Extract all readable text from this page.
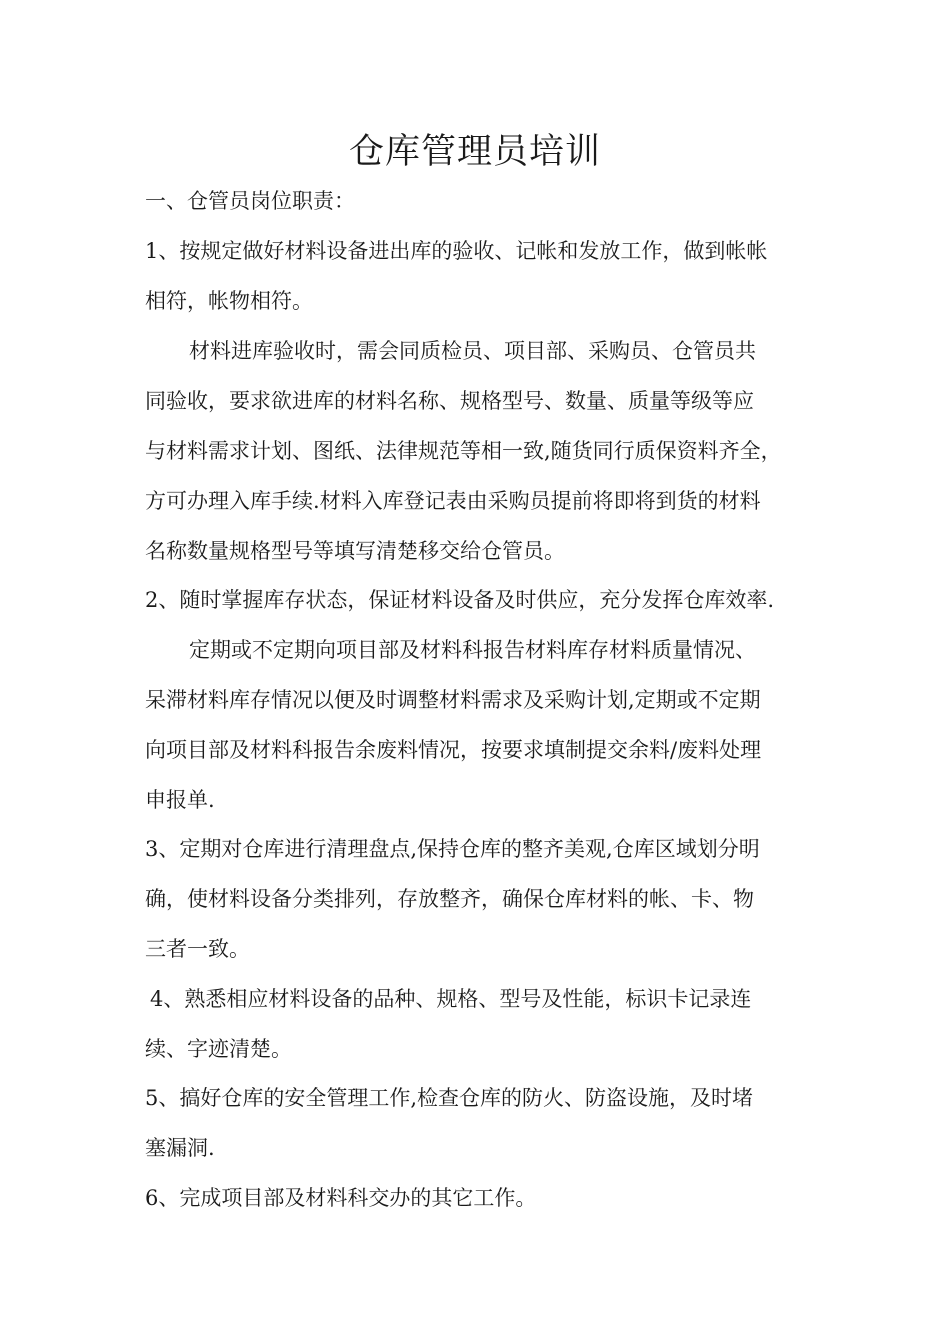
仓库管理员培训
一、仓管员岗位职责：
1、按规定做好材料设备进出库的验收、记帐和发放工作，做到帐帐
相符，帐物相符。
材料进库验收时，需会同质检员、项目部、采购员、仓管员共
同验收，要求欲进库的材料名称、规格型号、数量、质量等级等应
与材料需求计划、图纸、法律规范等相一致,随货同行质保资料齐全，
方可办理入库手续.材料入库登记表由采购员提前将即将到货的材料
名称数量规格型号等填写清楚移交给仓管员。
2、随时掌握库存状态，保证材料设备及时供应，充分发挥仓库效率.
定期或不定期向项目部及材料科报告材料库存材料质量情况、
呆滞材料库存情况以便及时调整材料需求及采购计划,定期或不定期
向项目部及材料科报告余废料情况，按要求填制提交余料/废料处理
申报单.
3、定期对仓库进行清理盘点,保持仓库的整齐美观,仓库区域划分明
确，使材料设备分类排列，存放整齐，确保仓库材料的帐、卡、物
三者一致。
4、熟悉相应材料设备的品种、规格、型号及性能，标识卡记录连
续、字迹清楚。
5、搞好仓库的安全管理工作,检查仓库的防火、防盗设施，及时堵
塞漏洞.
6、完成项目部及材料科交办的其它工作。
